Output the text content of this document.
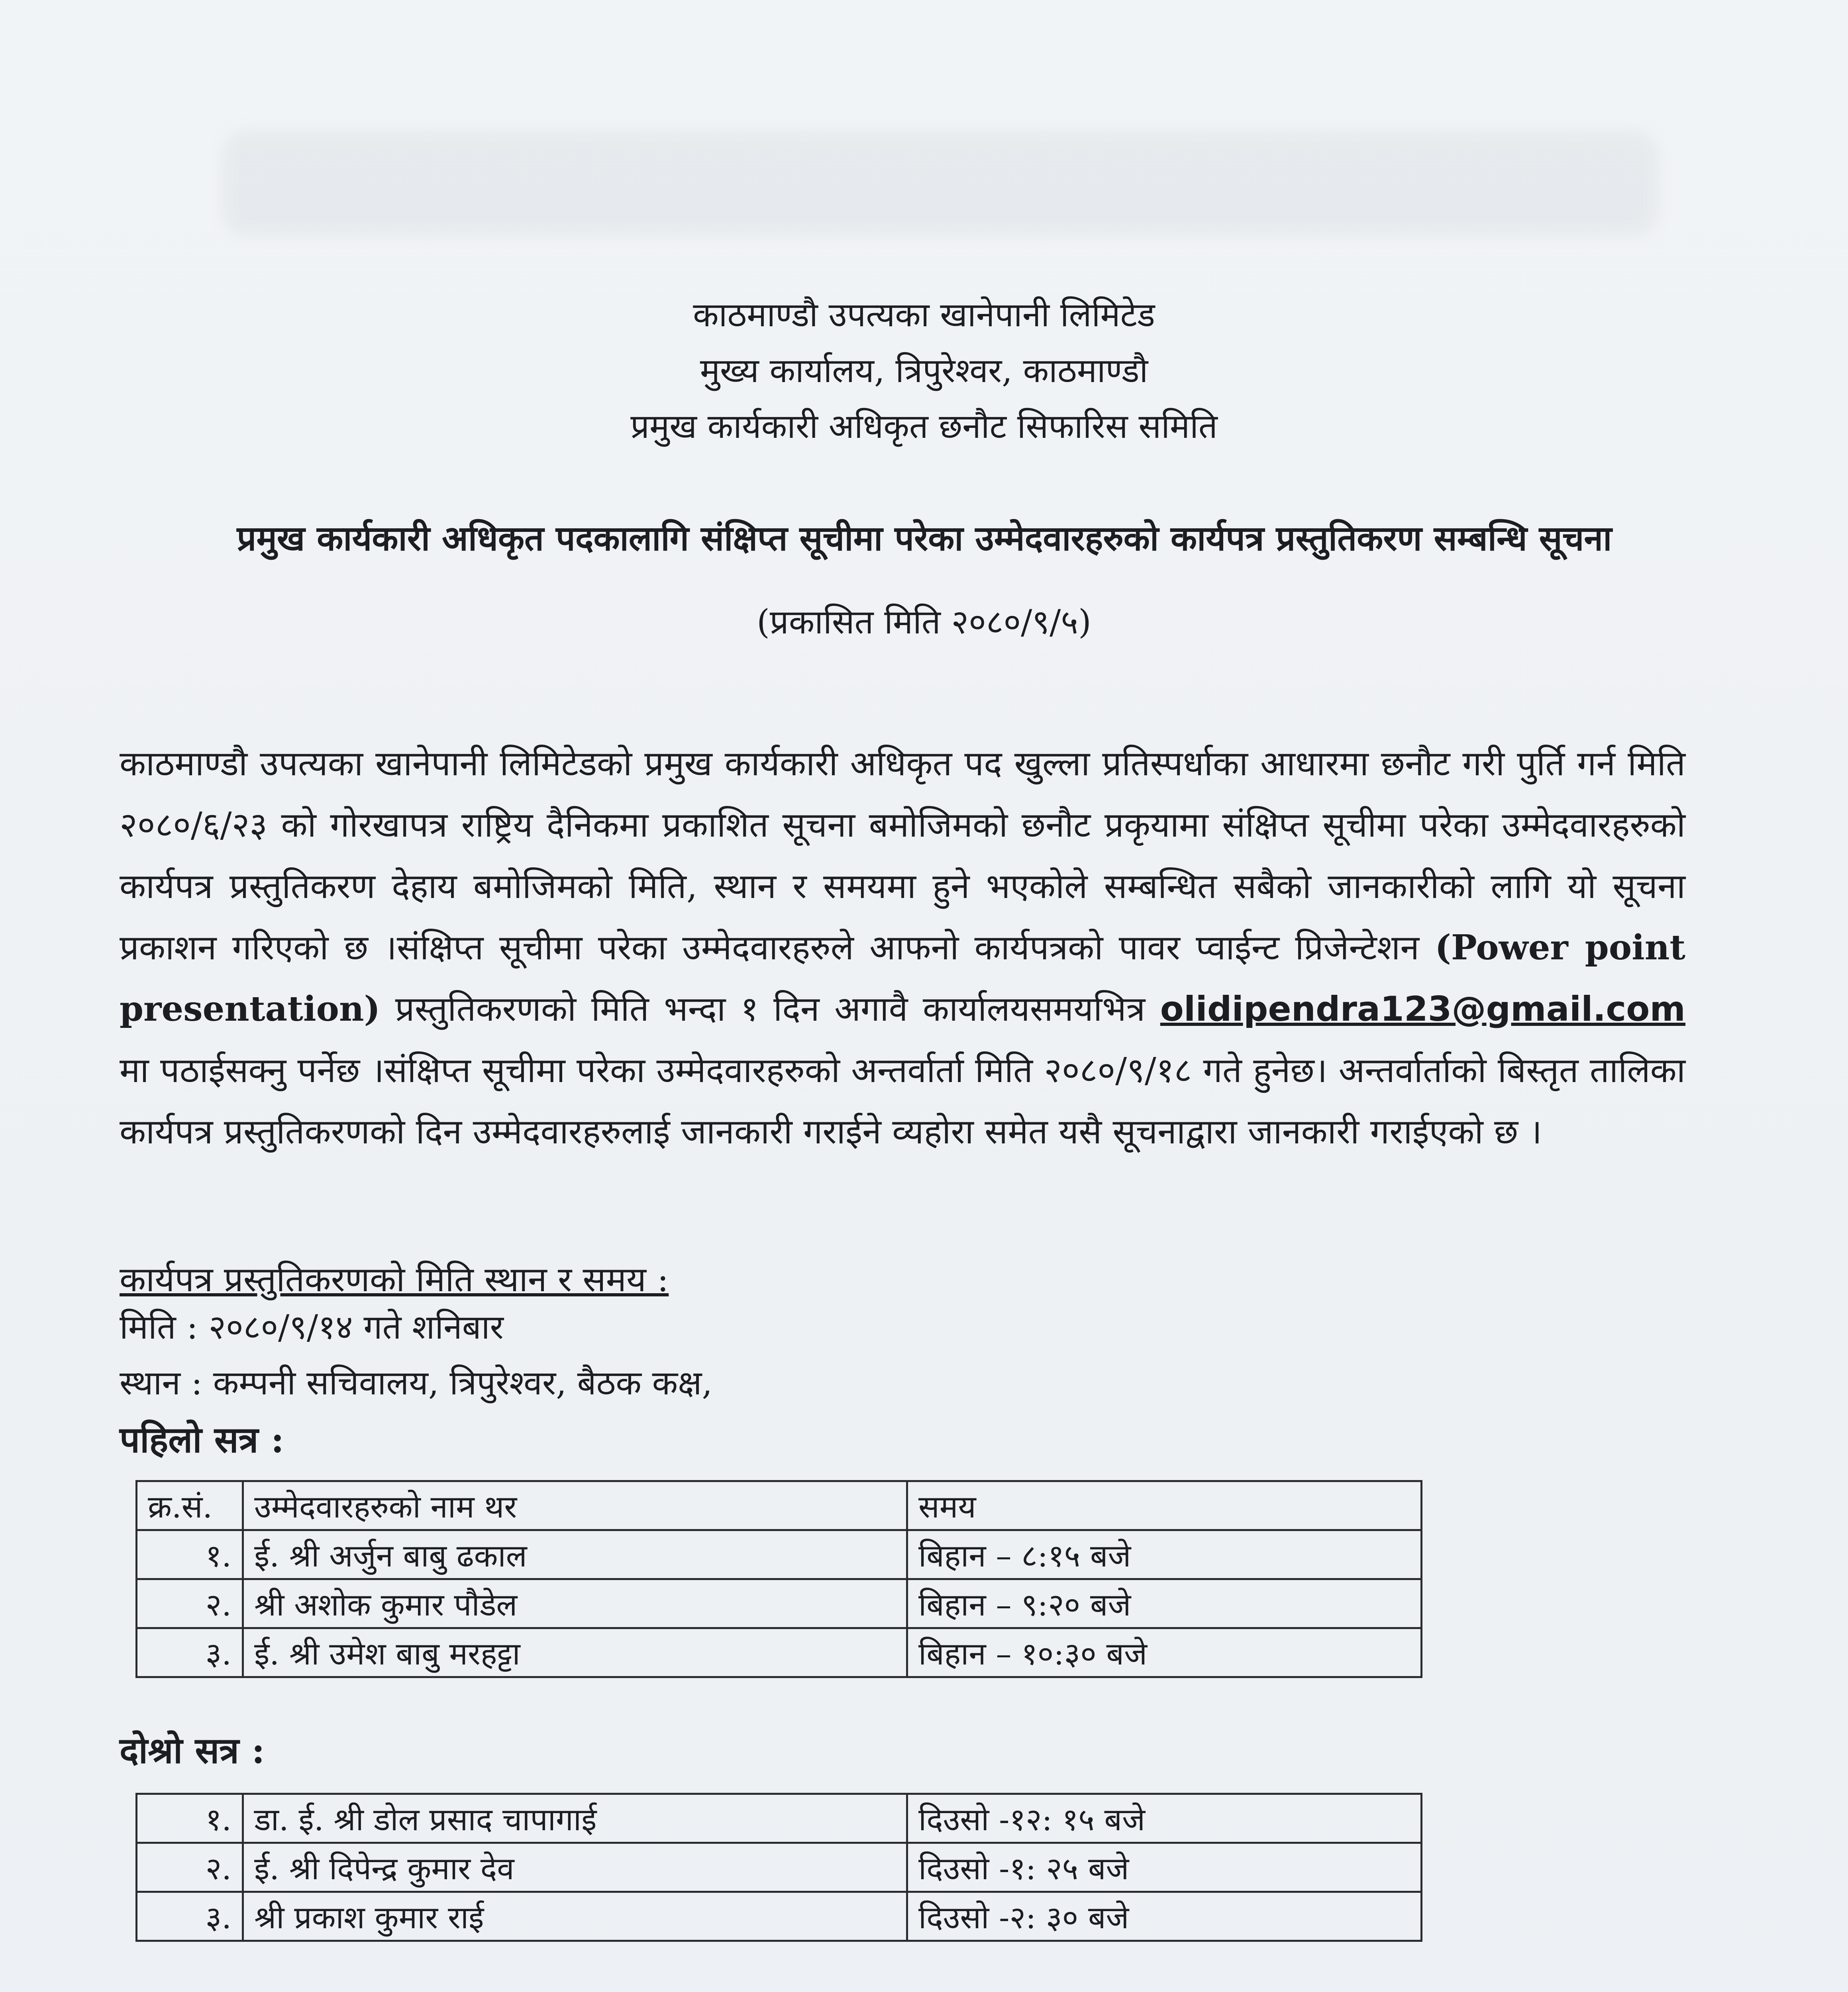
काठमाण्डौ उपत्यका खानेपानी लिमिटेड
मुख्य कार्यालय, त्रिपुरेश्वर, काठमाण्डौ
प्रमुख कार्यकारी अधिकृत छनौट सिफारिस समिति
प्रमुख कार्यकारी अधिकृत पदकालागि संक्षिप्त सूचीमा परेका उम्मेदवारहरुको कार्यपत्र प्रस्तुतिकरण सम्बन्धि सूचना
(प्रकासित मिति २०८०/९/५)
काठमाण्डौ उपत्यका खानेपानी लिमिटेडको प्रमुख कार्यकारी अधिकृत पद खुल्ला प्रतिस्पर्धाका आधारमा छनौट गरी पुर्ति गर्न मिति २०८०/६/२३ को गोरखापत्र राष्ट्रिय दैनिकमा प्रकाशित सूचना बमोजिमको छनौट प्रकृयामा संक्षिप्त सूचीमा परेका उम्मेदवारहरुको कार्यपत्र प्रस्तुतिकरण देहाय बमोजिमको मिति, स्थान र समयमा हुने भएकोले सम्बन्धित सबैको जानकारीको लागि यो सूचना प्रकाशन गरिएको छ ।संक्षिप्त सूचीमा परेका उम्मेदवारहरुले आफनो कार्यपत्रको पावर प्वाईन्ट प्रिजेन्टेशन (Power point presentation) प्रस्तुतिकरणको मिति भन्दा १ दिन अगावै कार्यालयसमयभित्र olidipendra123@gmail.com मा पठाईसक्नु पर्नेछ ।संक्षिप्त सूचीमा परेका उम्मेदवारहरुको अन्तर्वार्ता मिति २०८०/९/१८ गते हुनेछ। अन्तर्वार्ताको बिस्तृत तालिका कार्यपत्र प्रस्तुतिकरणको दिन उम्मेदवारहरुलाई जानकारी गराईने व्यहोरा समेत यसै सूचनाद्वारा जानकारी गराईएको छ ।
कार्यपत्र प्रस्तुतिकरणको मिति स्थान र समय :
मिति : २०८०/९/१४ गते शनिबार
स्थान : कम्पनी सचिवालय, त्रिपुरेश्वर, बैठक कक्ष,
पहिलो सत्र :
क्र.सं.	उम्मेदवारहरुको नाम थर	समय
१.	ई. श्री अर्जुन बाबु ढकाल	बिहान – ८:१५ बजे
२.	श्री अशोक कुमार पौडेल	बिहान – ९:२० बजे
३.	ई. श्री उमेश बाबु मरहट्टा	बिहान – १०:३० बजे
दोश्रो सत्र :
१.	डा. ई. श्री डोल प्रसाद चापागाई	दिउसो -१२: १५ बजे
२.	ई. श्री दिपेन्द्र कुमार देव	दिउसो -१: २५ बजे
३.	श्री प्रकाश कुमार राई	दिउसो -२: ३० बजे
